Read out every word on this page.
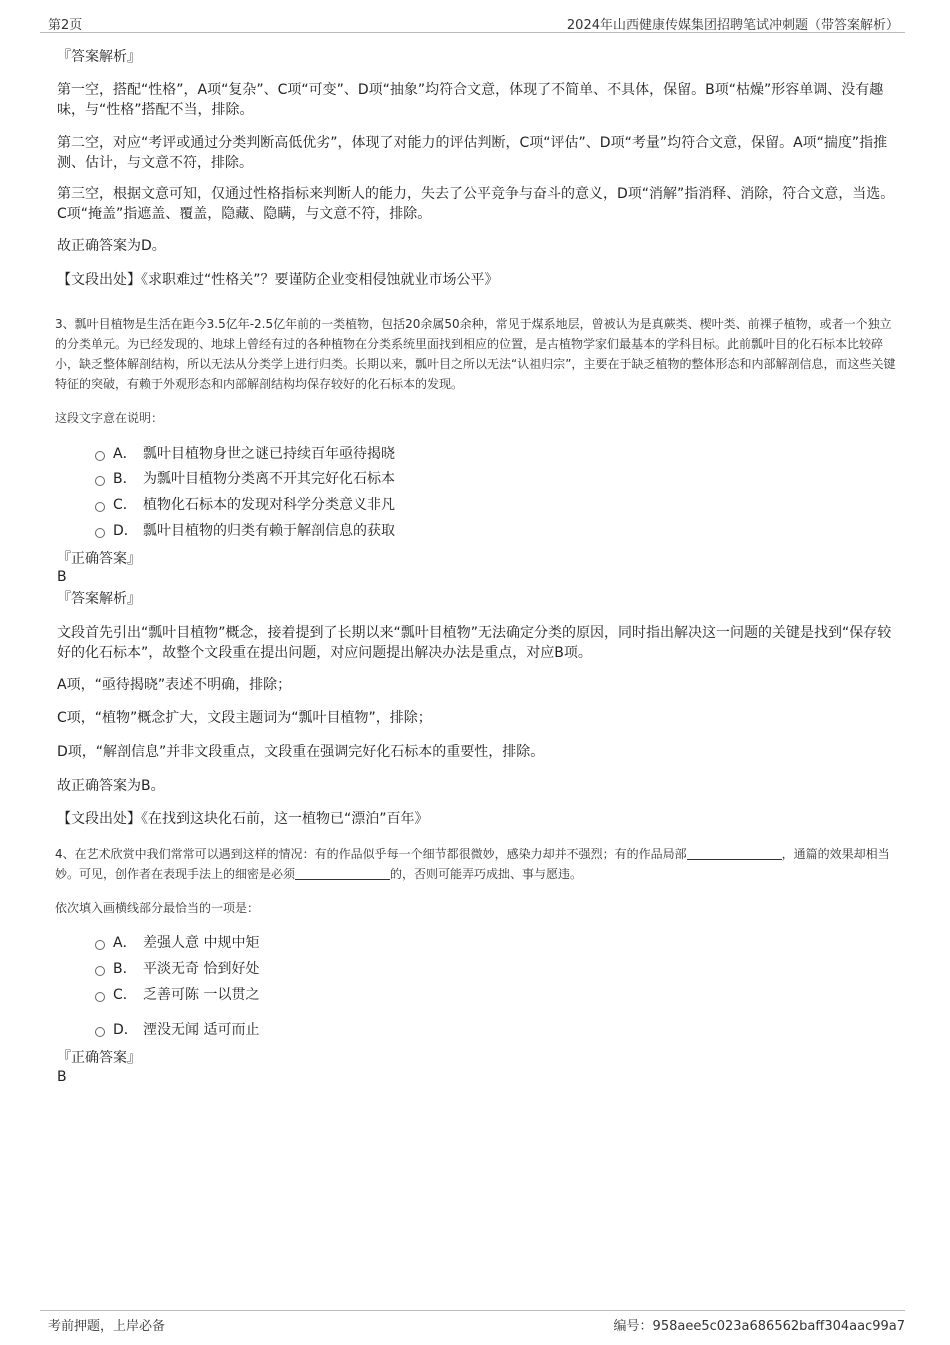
第2页	2024年山西健康传媒集团招聘笔试冲刺题（带答案解析）

『答案解析』

第一空，搭配“性格”，A项“复杂”、C项“可变”、D项“抽象”均符合文意，体现了不简单、不具体，保留。B项“枯燥”形容单调、没有趣味，与“性格”搭配不当，排除。

第二空，对应“考评或通过分类判断高低优劣”，体现了对能力的评估判断，C项“评估”、D项“考量”均符合文意，保留。A项“揣度”指推测、估计，与文意不符，排除。

第三空，根据文意可知，仅通过性格指标来判断人的能力，失去了公平竞争与奋斗的意义，D项“消解”指消释、消除，符合文意，当选。C项“掩盖”指遮盖、覆盖，隐藏、隐瞒，与文意不符，排除。

故正确答案为D。

【文段出处】《求职难过“性格关”？要谨防企业变相侵蚀就业市场公平》

3、瓢叶目植物是生活在距今3.5亿年-2.5亿年前的一类植物，包括20余属50余种，常见于煤系地层，曾被认为是真蕨类、楔叶类、前裸子植物，或者一个独立的分类单元。为已经发现的、地球上曾经有过的各种植物在分类系统里面找到相应的位置，是古植物学家们最基本的学科目标。此前瓢叶目的化石标本比较碎小，缺乏整体解剖结构，所以无法从分类学上进行归类。长期以来，瓢叶目之所以无法“认祖归宗”，主要在于缺乏植物的整体形态和内部解剖信息，而这些关键特征的突破，有赖于外观形态和内部解剖结构均保存较好的化石标本的发现。

这段文字意在说明：

A． 瓢叶目植物身世之谜已持续百年亟待揭晓
B． 为瓢叶目植物分类离不开其完好化石标本
C． 植物化石标本的发现对科学分类意义非凡
D． 瓢叶目植物的归类有赖于解剖信息的获取

『正确答案』

B

『答案解析』

文段首先引出“瓢叶目植物”概念，接着提到了长期以来“瓢叶目植物”无法确定分类的原因，同时指出解决这一问题的关键是找到“保存较好的化石标本”，故整个文段重在提出问题，对应问题提出解决办法是重点，对应B项。

A项，“亟待揭晓”表述不明确，排除；

C项，“植物”概念扩大，文段主题词为“瓢叶目植物”，排除；

D项，“解剖信息”并非文段重点，文段重在强调完好化石标本的重要性，排除。

故正确答案为B。

【文段出处】《在找到这块化石前，这一植物已“漂泊”百年》

4、在艺术欣赏中我们常常可以遇到这样的情况：有的作品似乎每一个细节都很微妙，感染力却并不强烈；有的作品局部	，通篇的效果却相当妙。可见，创作者在表现手法上的细密是必须	的，否则可能弄巧成拙、事与愿违。

依次填入画横线部分最恰当的一项是：

A． 差强人意 中规中矩
B． 平淡无奇 恰到好处
C． 乏善可陈 一以贯之
D． 湮没无闻 适可而止

『正确答案』

B

考前押题，上岸必备	编号：958aee5c023a686562baff304aac99a7
